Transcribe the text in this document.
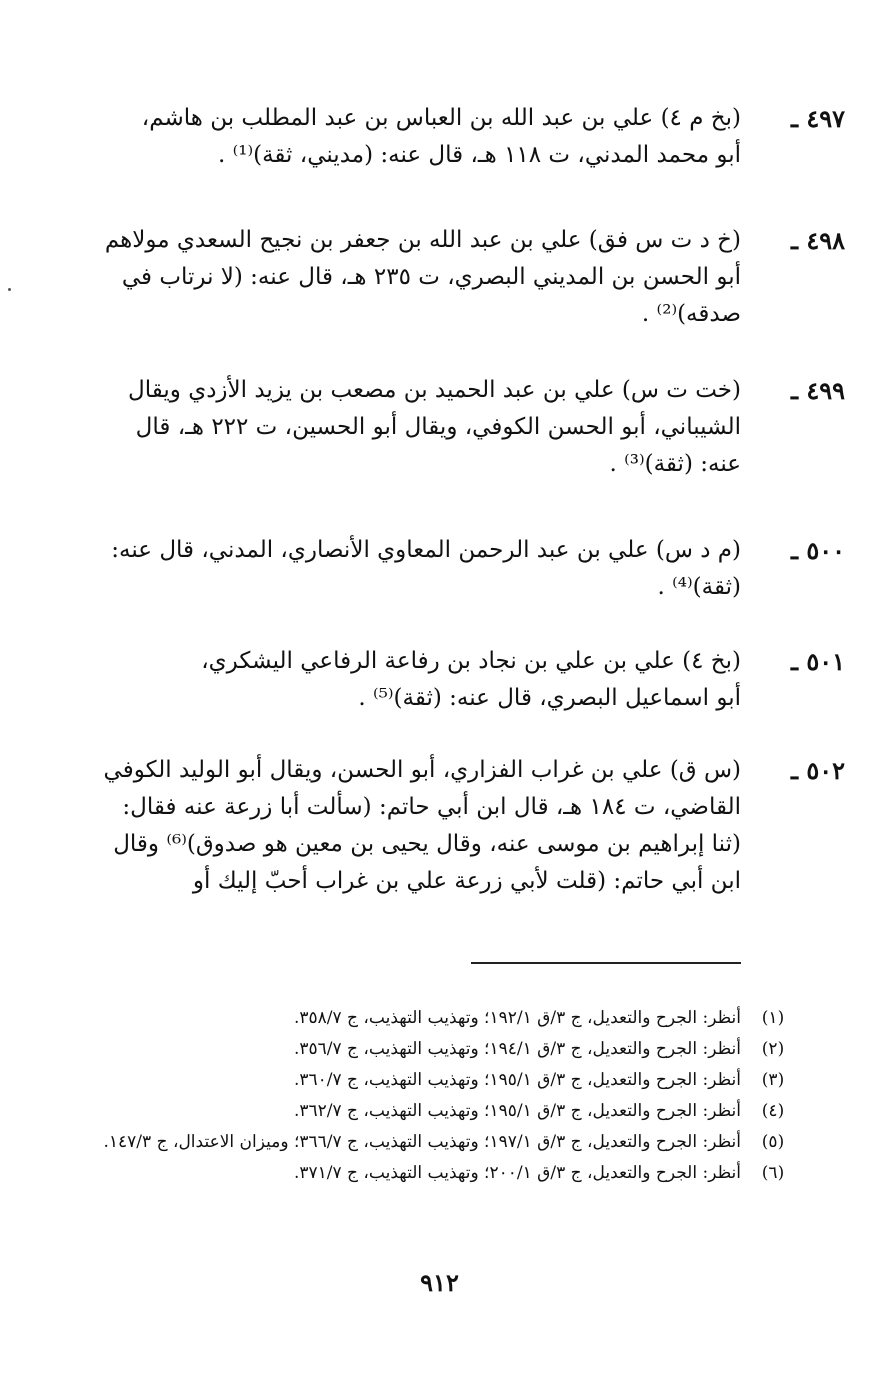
٤٩٧ ـ

(بخ م ٤) علي بن عبد الله بن العباس بن عبد المطلب بن هاشم،

أبو محمد المدني، ت ١١٨ هـ، قال عنه: (مديني، ثقة)⁽¹⁾ .

٤٩٨ ـ

(خ د ت س فق) علي بن عبد الله بن جعفر بن نجيح السعدي مولاهم

أبو الحسن بن المديني البصري، ت ٢٣٥ هـ، قال عنه: (لا نرتاب في

صدقه)⁽²⁾ .

٤٩٩ ـ

(خت ت س) علي بن عبد الحميد بن مصعب بن يزيد الأزدي ويقال

الشيباني، أبو الحسن الكوفي، ويقال أبو الحسين، ت ٢٢٢ هـ، قال

عنه: (ثقة)⁽³⁾ .

٥٠٠ ـ

(م د س) علي بن عبد الرحمن المعاوي الأنصاري، المدني، قال عنه:

(ثقة)⁽⁴⁾ .

٥٠١ ـ

(بخ ٤) علي بن علي بن نجاد بن رفاعة الرفاعي اليشكري،

أبو اسماعيل البصري، قال عنه: (ثقة)⁽⁵⁾ .

٥٠٢ ـ

(س ق) علي بن غراب الفزاري، أبو الحسن، ويقال أبو الوليد الكوفي

القاضي، ت ١٨٤ هـ، قال ابن أبي حاتم: (سألت أبا زرعة عنه فقال:

(ثنا إبراهيم بن موسى عنه، وقال يحيى بن معين هو صدوق)⁽⁶⁾ وقال

ابن أبي حاتم: (قلت لأبي زرعة علي بن غراب أحبّ إليك أو

(١)
أنظر: الجرح والتعديل، ج ٣/ق ١٩٢/١؛ وتهذيب التهذيب، ج ٣٥٨/٧.
(٢)
أنظر: الجرح والتعديل، ج ٣/ق ١٩٤/١؛ وتهذيب التهذيب، ج ٣٥٦/٧.
(٣)
أنظر: الجرح والتعديل، ج ٣/ق ١٩٥/١؛ وتهذيب التهذيب، ج ٣٦٠/٧.
(٤)
أنظر: الجرح والتعديل، ج ٣/ق ١٩٥/١؛ وتهذيب التهذيب، ج ٣٦٢/٧.
(٥)
أنظر: الجرح والتعديل، ج ٣/ق ١٩٧/١؛ وتهذيب التهذيب، ج ٣٦٦/٧؛ وميزان الاعتدال، ج ١٤٧/٣.
(٦)
أنظر: الجرح والتعديل، ج ٣/ق ٢٠٠/١؛ وتهذيب التهذيب، ج ٣٧١/٧.
٩١٢
